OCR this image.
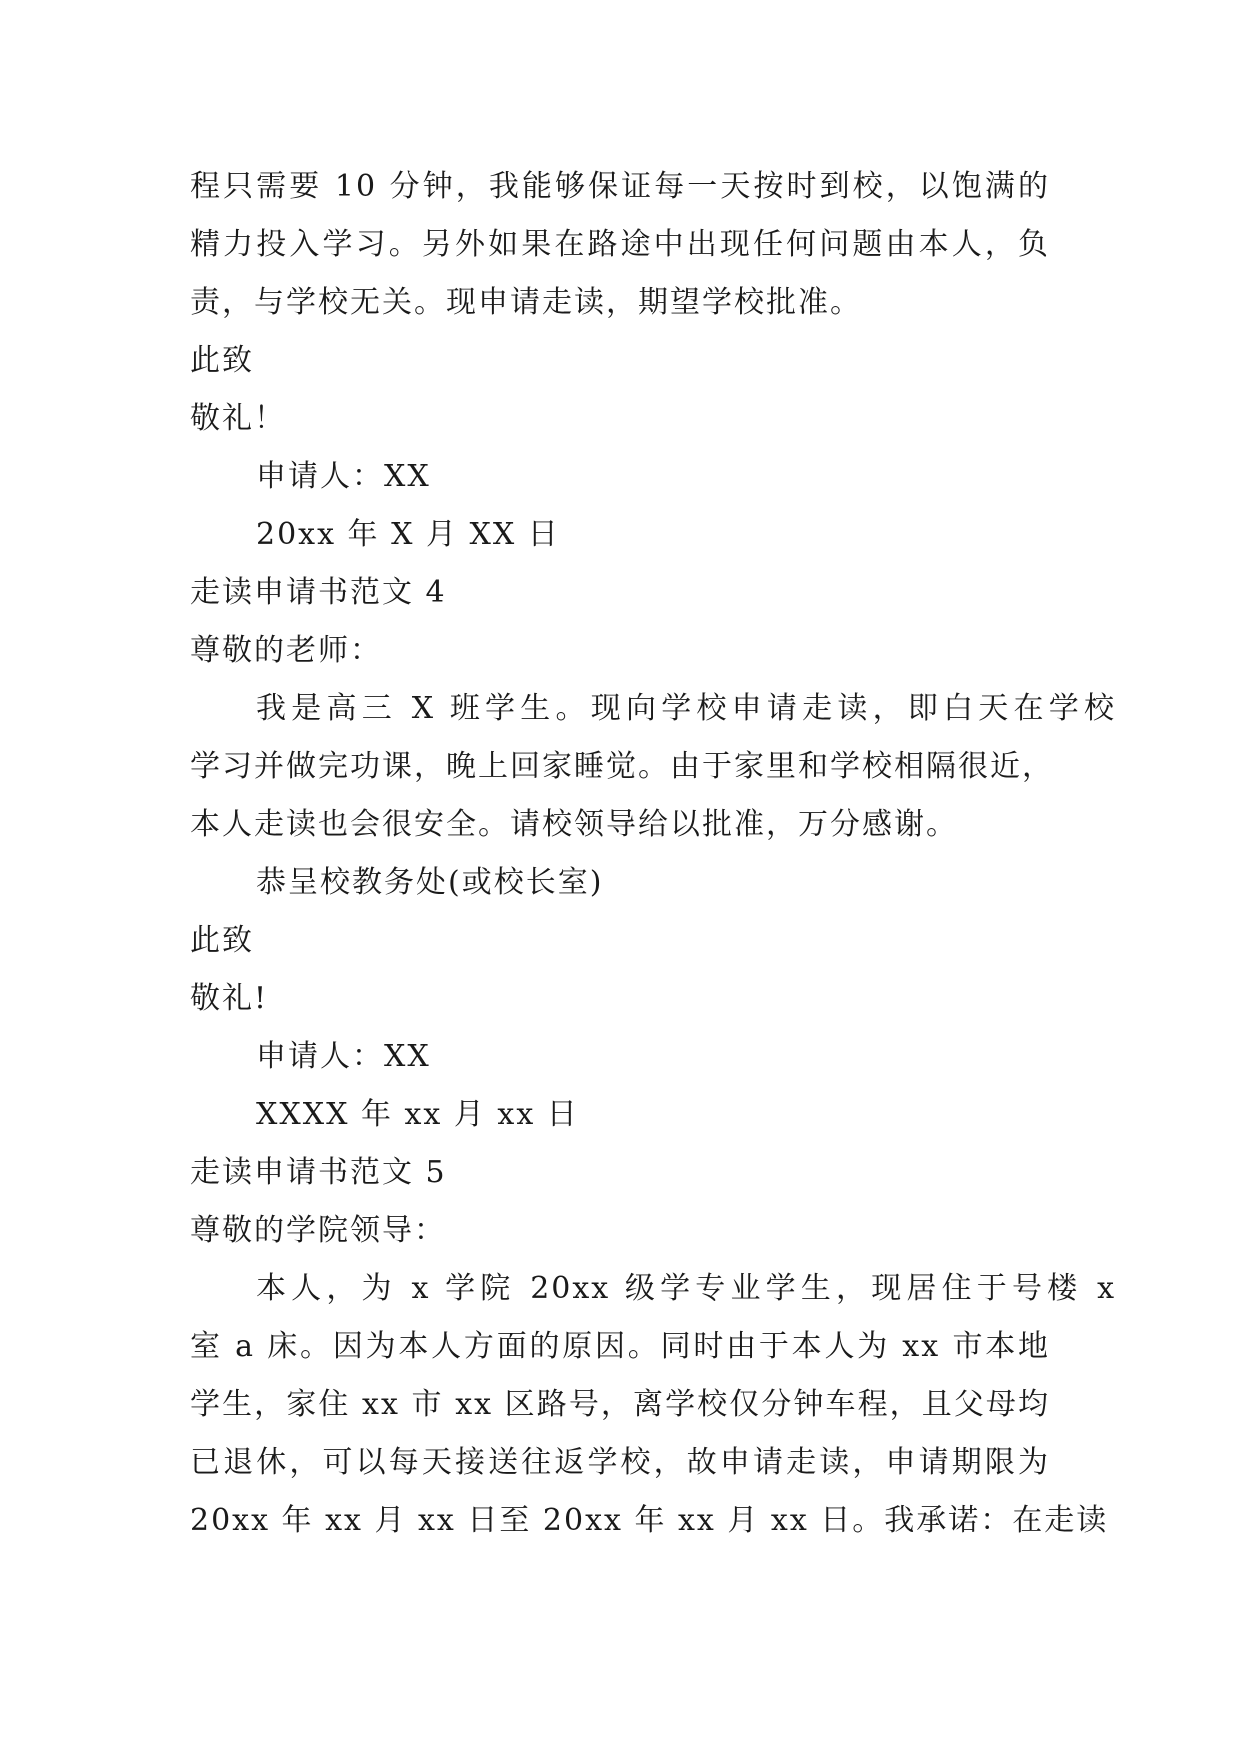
程只需要 10 分钟，我能够保证每一天按时到校，以饱满的
精力投入学习。另外如果在路途中出现任何问题由本人，负
责，与学校无关。现申请走读，期望学校批准。
此致
敬礼！
申请人：XX
20xx 年 X 月 XX 日
走读申请书范文 4
尊敬的老师：
我是高三 X 班学生。现向学校申请走读，即白天在学校
学习并做完功课，晚上回家睡觉。由于家里和学校相隔很近，
本人走读也会很安全。请校领导给以批准，万分感谢。
恭呈校教务处(或校长室)
此致
敬礼!
申请人：XX
XXXX 年 xx 月 xx 日
走读申请书范文 5
尊敬的学院领导：
本人，为 x 学院 20xx 级学专业学生，现居住于号楼 x
室 a 床。因为本人方面的原因。同时由于本人为 xx 市本地
学生，家住 xx 市 xx 区路号，离学校仅分钟车程，且父母均
已退休，可以每天接送往返学校，故申请走读，申请期限为
20xx 年 xx 月 xx 日至 20xx 年 xx 月 xx 日。我承诺：在走读
